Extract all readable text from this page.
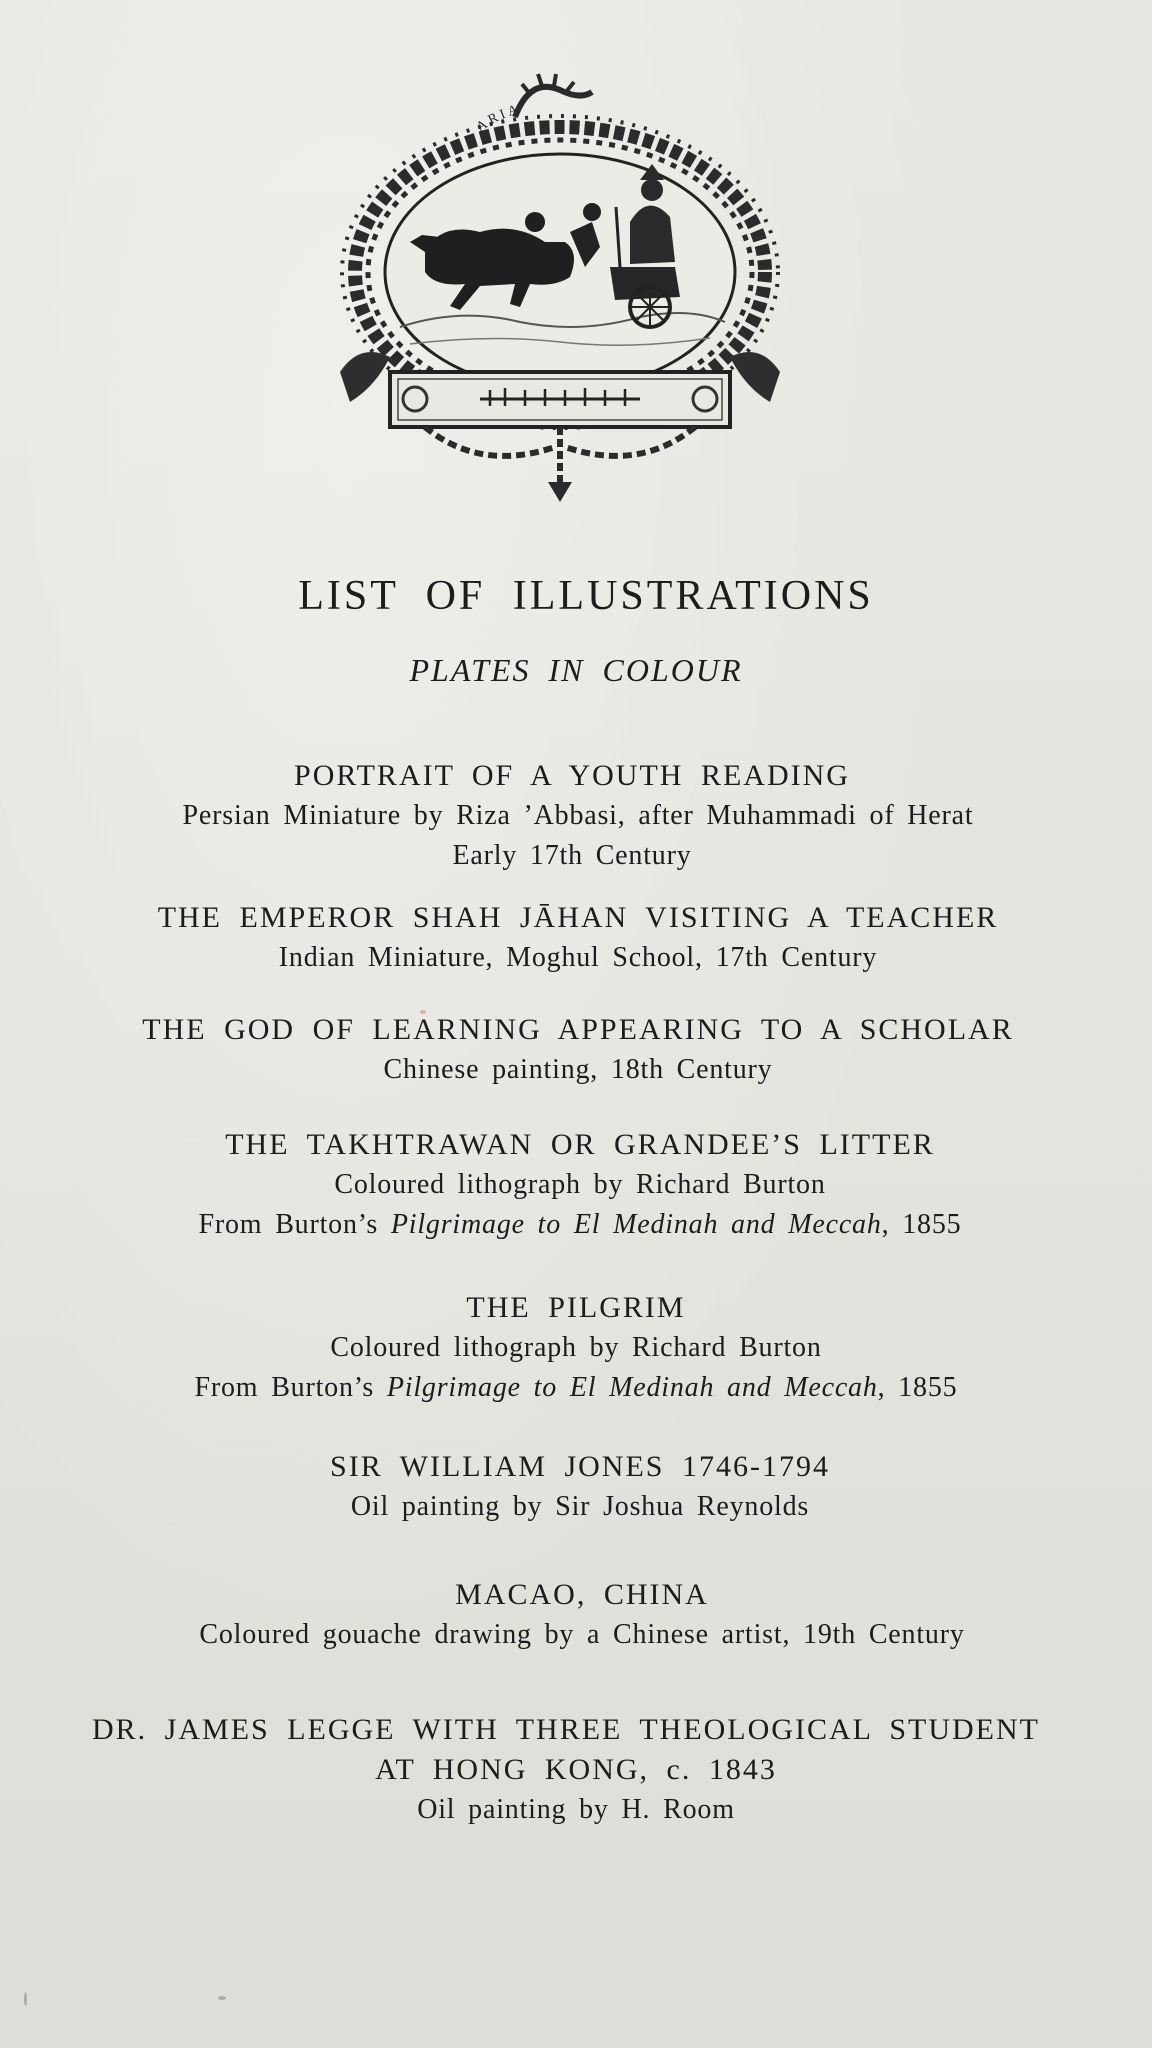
ARIA
LIST OF ILLUSTRATIONS
PLATES IN COLOUR
PORTRAIT OF A YOUTH READING
Persian Miniature by Riza ’Abbasi, after Muhammadi of Herat
Early 17th Century
THE EMPEROR SHAH JĀHAN VISITING A TEACHER
Indian Miniature, Moghul School, 17th Century
THE GOD OF LEARNING APPEARING TO A SCHOLAR
Chinese painting, 18th Century
THE TAKHTRAWAN OR GRANDEE’S LITTER
Coloured lithograph by Richard Burton
From Burton’s Pilgrimage to El Medinah and Meccah, 1855
THE PILGRIM
Coloured lithograph by Richard Burton
From Burton’s Pilgrimage to El Medinah and Meccah, 1855
SIR WILLIAM JONES 1746-1794
Oil painting by Sir Joshua Reynolds
MACAO, CHINA
Coloured gouache drawing by a Chinese artist, 19th Century
DR. JAMES LEGGE WITH THREE THEOLOGICAL STUDENT
AT HONG KONG, c. 1843
Oil painting by H. Room
